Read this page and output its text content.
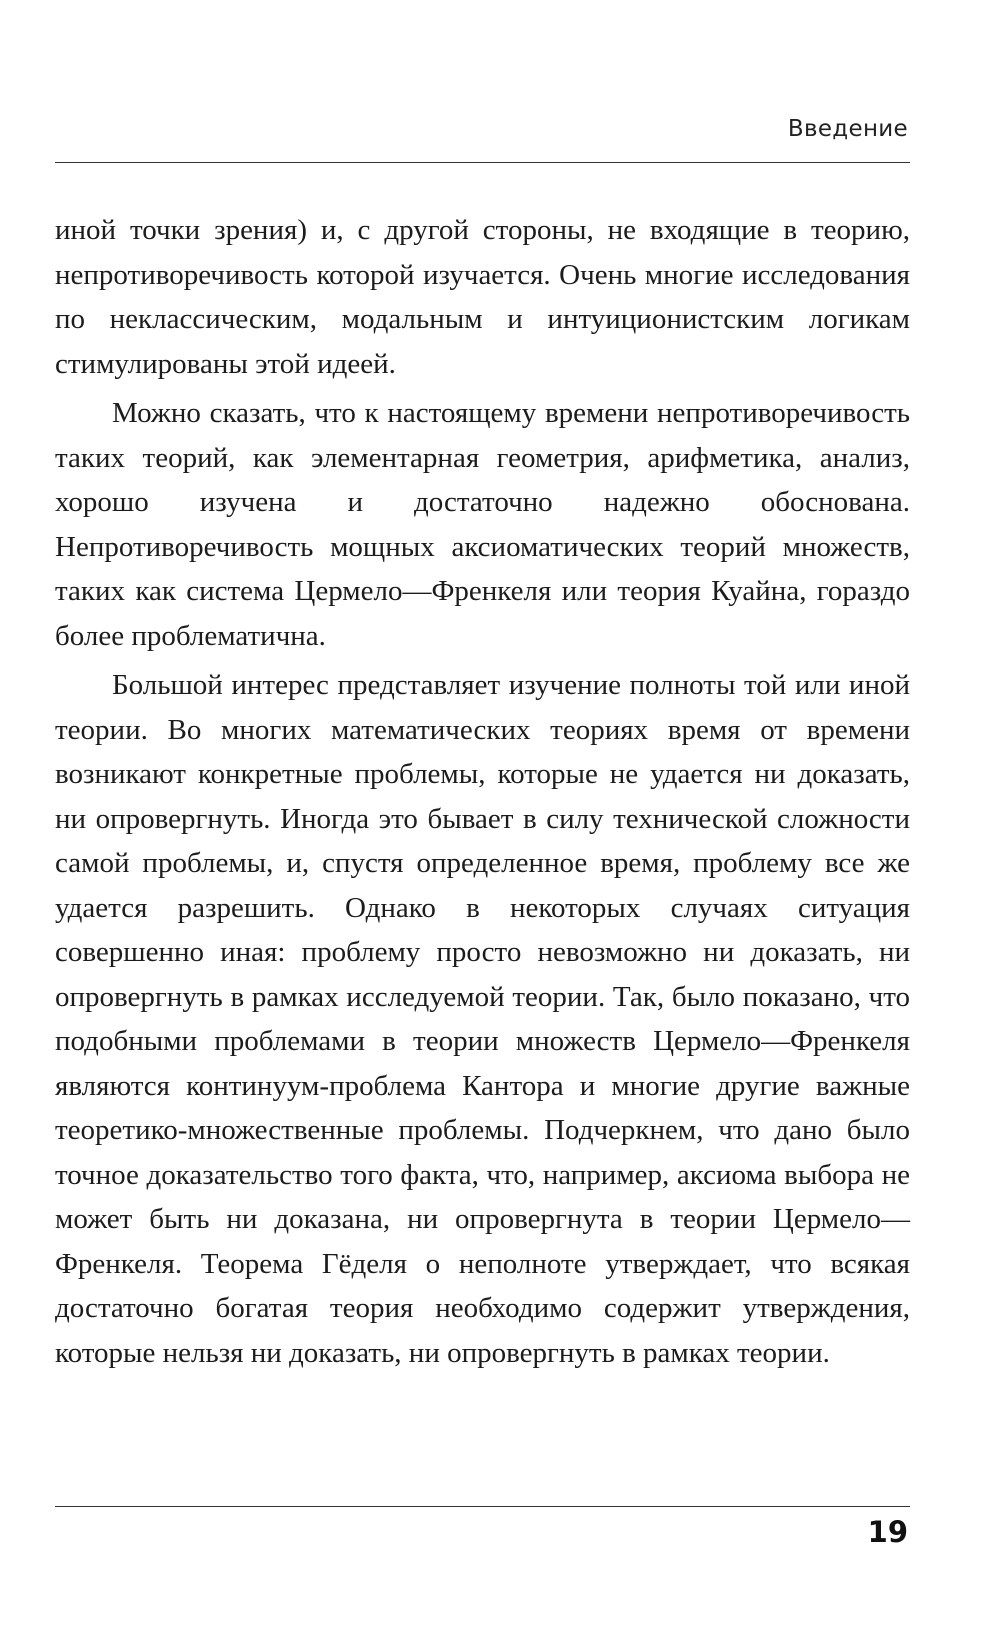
Введение

иной точки зрения) и, с другой стороны, не входящие в теорию, непротиворечивость которой изучается. Очень многие исследования по неклассическим, модальным и интуиционистским логикам стимулированы этой идеей.

Можно сказать, что к настоящему времени непротиворечивость таких теорий, как элементарная геометрия, арифметика, анализ, хорошо изучена и достаточно надежно обоснована. Непротиворечивость мощных аксиоматических теорий множеств, таких как система Цермело—Френкеля или теория Куайна, гораздо более проблематична.

Большой интерес представляет изучение полноты той или иной теории. Во многих математических теориях время от времени возникают конкретные проблемы, которые не удается ни доказать, ни опровергнуть. Иногда это бывает в силу технической сложности самой проблемы, и, спустя определенное время, проблему все же удается разрешить. Однако в некоторых случаях ситуация совершенно иная: проблему просто невозможно ни доказать, ни опровергнуть в рамках исследуемой теории. Так, было показано, что подобными проблемами в теории множеств Цермело—Френкеля являются континуум-проблема Кантора и многие другие важные теоретико-множественные проблемы. Подчеркнем, что дано было точное доказательство того факта, что, например, аксиома выбора не может быть ни доказана, ни опровергнута в теории Цермело—Френкеля. Теорема Гёделя о неполноте утверждает, что всякая достаточно богатая теория необходимо содержит утверждения, которые нельзя ни доказать, ни опровергнуть в рамках теории.

19
